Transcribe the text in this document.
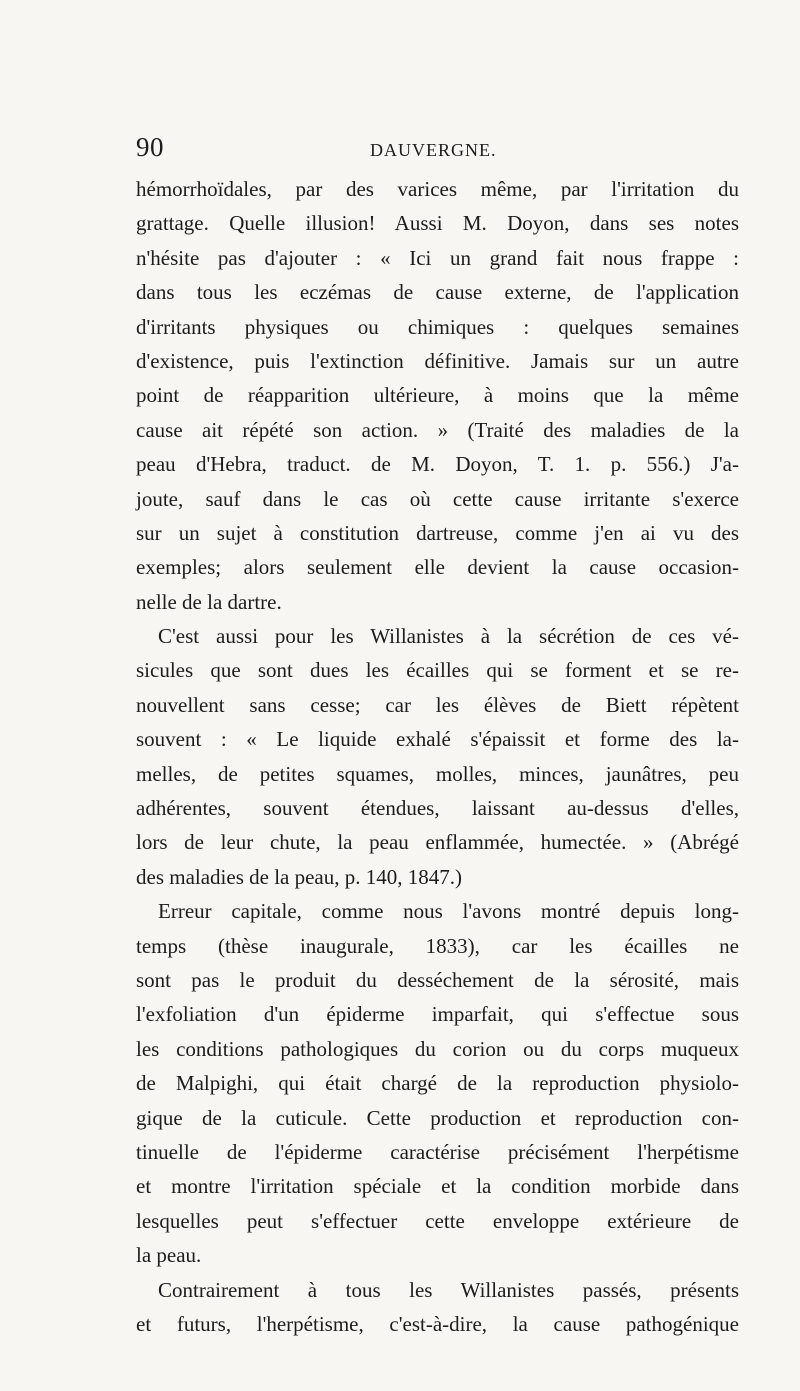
90	DAUVERGNE.
hémorrhoïdales, par des varices même, par l'irritation du
grattage. Quelle illusion! Aussi M. Doyon, dans ses notes
n'hésite pas d'ajouter : « Ici un grand fait nous frappe :
dans tous les eczémas de cause externe, de l'application
d'irritants physiques ou chimiques : quelques semaines
d'existence, puis l'extinction définitive. Jamais sur un autre
point de réapparition ultérieure, à moins que la même
cause ait répété son action. » (Traité des maladies de la
peau d'Hebra, traduct. de M. Doyon, T. 1. p. 556.) J'a-
joute, sauf dans le cas où cette cause irritante s'exerce
sur un sujet à constitution dartreuse, comme j'en ai vu des
exemples; alors seulement elle devient la cause occasion-
nelle de la dartre.
C'est aussi pour les Willanistes à la sécrétion de ces vé-
sicules que sont dues les écailles qui se forment et se re-
nouvellent sans cesse; car les élèves de Biett répètent
souvent : « Le liquide exhalé s'épaissit et forme des la-
melles, de petites squames, molles, minces, jaunâtres, peu
adhérentes, souvent étendues, laissant au-dessus d'elles,
lors de leur chute, la peau enflammée, humectée. » (Abrégé
des maladies de la peau, p. 140, 1847.)
Erreur capitale, comme nous l'avons montré depuis long-
temps (thèse inaugurale, 1833), car les écailles ne
sont pas le produit du desséchement de la sérosité, mais
l'exfoliation d'un épiderme imparfait, qui s'effectue sous
les conditions pathologiques du corion ou du corps muqueux
de Malpighi, qui était chargé de la reproduction physiolo-
gique de la cuticule. Cette production et reproduction con-
tinuelle de l'épiderme caractérise précisément l'herpétisme
et montre l'irritation spéciale et la condition morbide dans
lesquelles peut s'effectuer cette enveloppe extérieure de
la peau.
Contrairement à tous les Willanistes passés, présents
et futurs, l'herpétisme, c'est-à-dire, la cause pathogénique
